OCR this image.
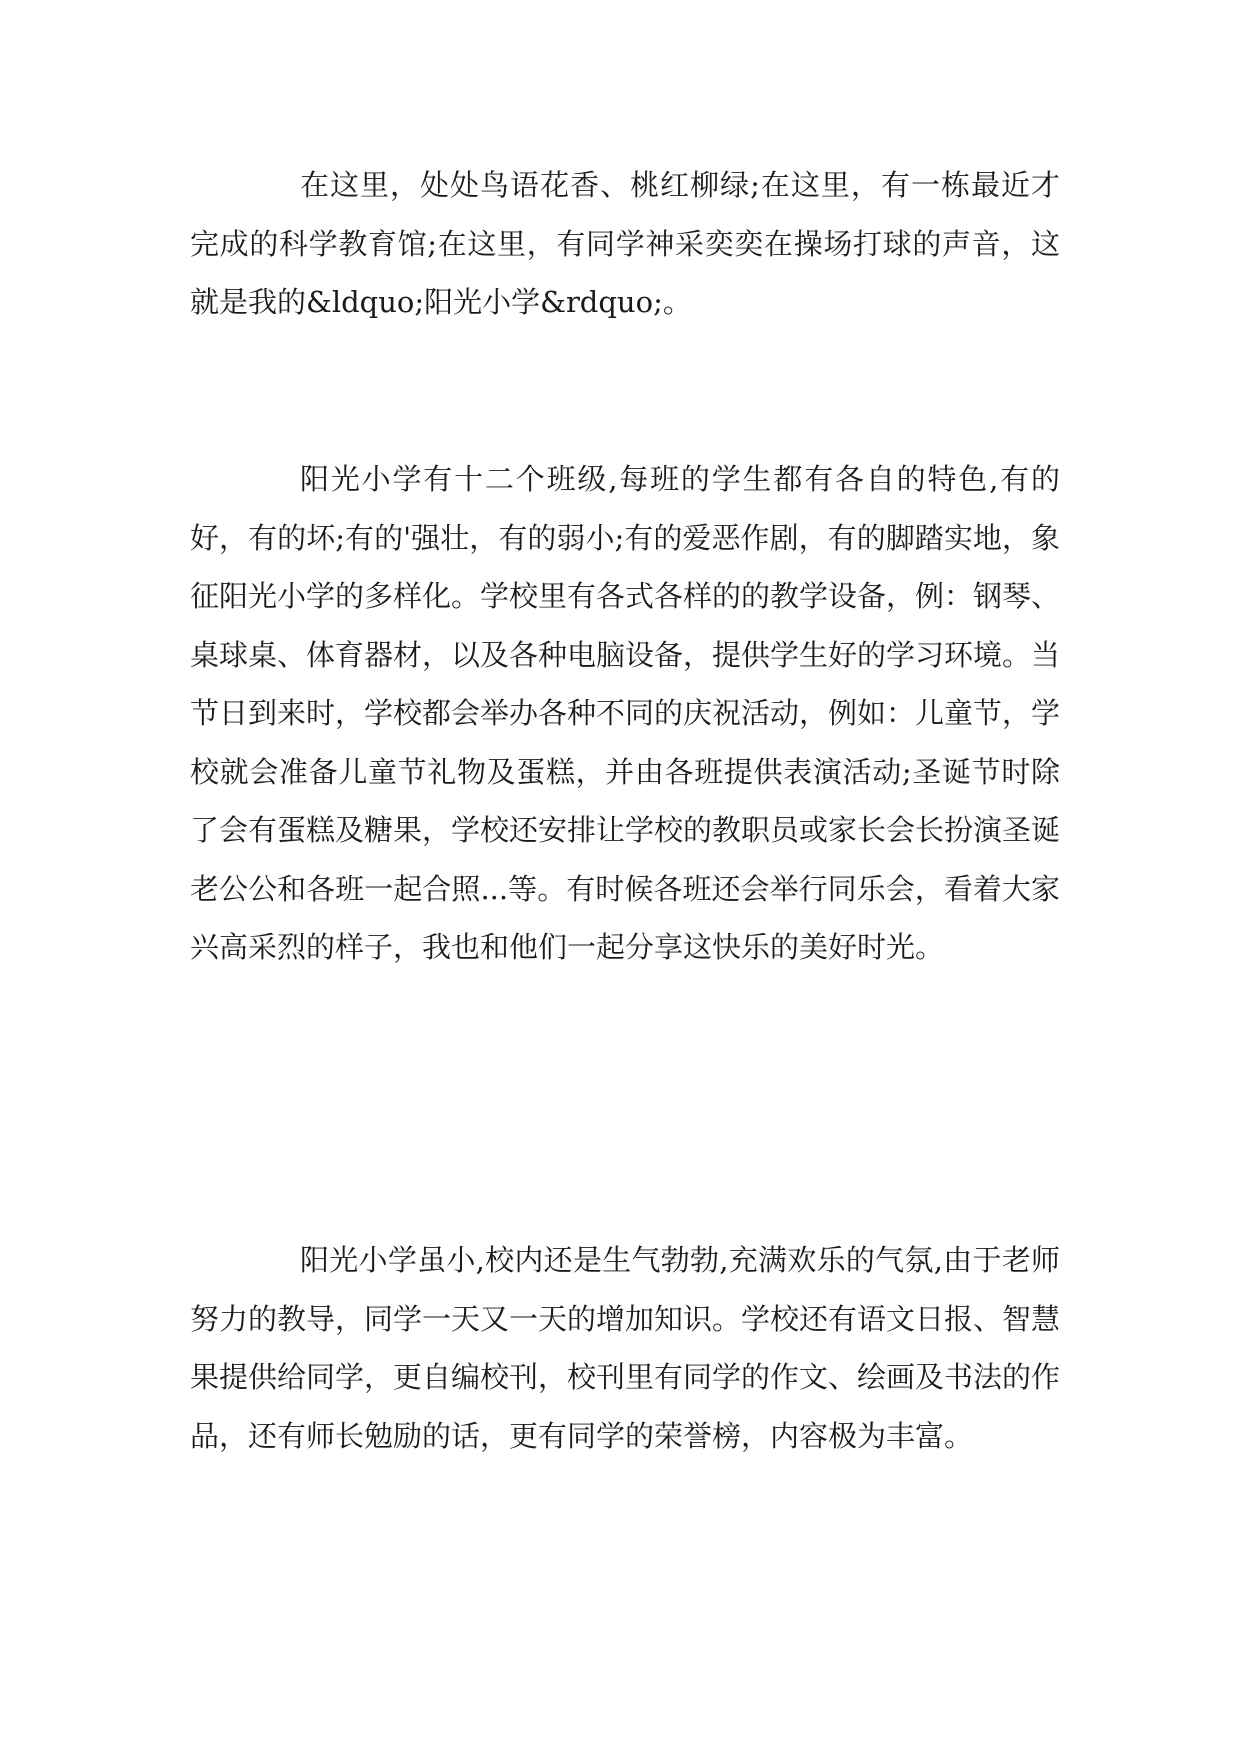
在这里，处处鸟语花香、桃红柳绿;在这里，有一栋最近才完成的科学教育馆;在这里，有同学神采奕奕在操场打球的声音，这就是我的&ldquo;阳光小学&rdquo;。

阳光小学有十二个班级,每班的学生都有各自的特色,有的好，有的坏;有的'强壮，有的弱小;有的爱恶作剧，有的脚踏实地，象征阳光小学的多样化。学校里有各式各样的的教学设备，例：钢琴、桌球桌、体育器材，以及各种电脑设备，提供学生好的学习环境。当节日到来时，学校都会举办各种不同的庆祝活动，例如：儿童节，学校就会准备儿童节礼物及蛋糕，并由各班提供表演活动;圣诞节时除了会有蛋糕及糖果，学校还安排让学校的教职员或家长会长扮演圣诞老公公和各班一起合照...等。有时候各班还会举行同乐会，看着大家兴高采烈的样子，我也和他们一起分享这快乐的美好时光。

阳光小学虽小,校内还是生气勃勃,充满欢乐的气氛,由于老师努力的教导，同学一天又一天的增加知识。学校还有语文日报、智慧果提供给同学，更自编校刊，校刊里有同学的作文、绘画及书法的作品，还有师长勉励的话，更有同学的荣誉榜，内容极为丰富。
